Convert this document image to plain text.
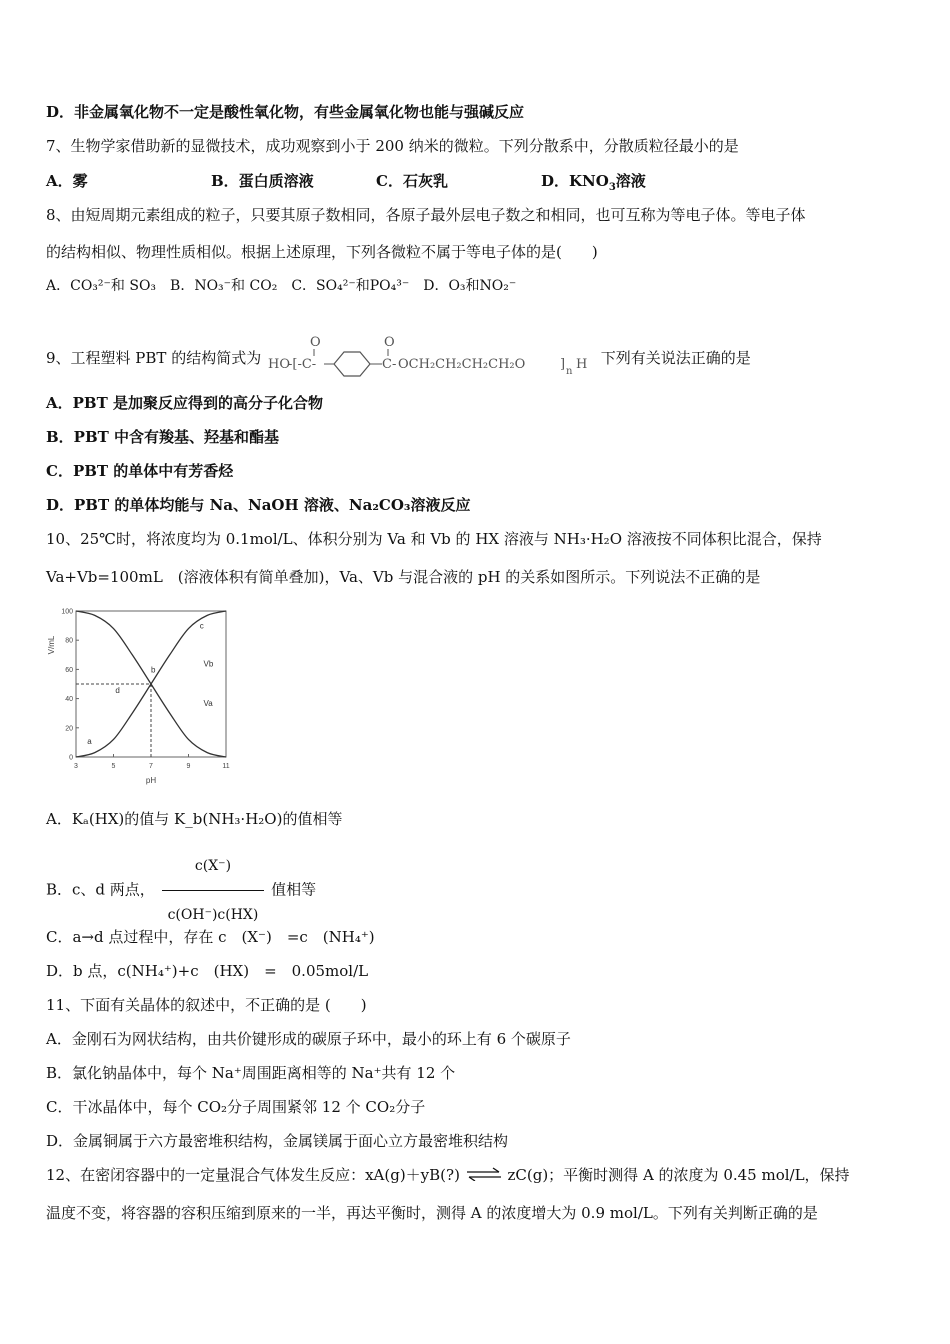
D．非金属氧化物不一定是酸性氧化物，有些金属氧化物也能与强碱反应
7、生物学家借助新的显微技术，成功观察到小于 200 纳米的微粒。下列分散系中，分散质粒径最小的是
A．雾	B．蛋白质溶液	C．石灰乳	D．$KNO_3$溶液
8、由短周期元素组成的粒子，只要其原子数相同，各原子最外层电子数之和相同，也可互称为等电子体。等电子体
的结构相似、物理性质相似。根据上述原理，下列各微粒不属于等电子体的是(　　)
A．CO₃²⁻和 SO₃　B．NO₃⁻和 CO₂　C．SO₄²⁻和PO₄³⁻　D．O₃和NO₂⁻
9、工程塑料 PBT 的结构简式为 HO
-[-C-
O
C-
O
OCH₂CH₂CH₂CH₂O	] n H 下列有关说法正确的是
A．PBT 是加聚反应得到的高分子化合物
B．PBT 中含有羧基、羟基和酯基
C．PBT 的单体中有芳香烃
D．PBT 的单体均能与 Na、NaOH 溶液、Na₂CO₃溶液反应
10、25℃时，将浓度均为 0.1mol/L、体积分别为 Va 和 Vb 的 HX 溶液与 NH₃·H₂O 溶液按不同体积比混合，保持
Va+Vb=100mL　(溶液体积有简单叠加)，Va、Vb 与混合液的 pH 的关系如图所示。下列说法不正确的是
3	5	7	9	11
0
20
40
60
80
100
pH
V/mL
a
b
c
d
Vb
Va
A．Kₐ(HX)的值与 K_b(NH₃·H₂O)的值相等
B．c、d 两点， $\frac{c(X^-)}{c(OH^-)c(HX)}$ 值相等
C．a→d 点过程中，存在 c　(X⁻)　=c　(NH₄⁺)
D．b 点，c(NH₄⁺)+c　(HX)　=　0.05mol/L
11、下面有关晶体的叙述中，不正确的是 (　　)
A．金刚石为网状结构，由共价键形成的碳原子环中，最小的环上有 6 个碳原子
B．氯化钠晶体中，每个 Na⁺周围距离相等的 Na⁺共有 12 个
C．干冰晶体中，每个 CO₂分子周围紧邻 12 个 CO₂分子
D．金属铜属于六方最密堆积结构，金属镁属于面心立方最密堆积结构
12、在密闭容器中的一定量混合气体发生反应：xA(g)＋yB(?) ⇌ zC(g)；平衡时测得 A 的浓度为 0.45 mol/L，保持
温度不变，将容器的容积压缩到原来的一半，再达平衡时，测得 A 的浓度增大为 0.9 mol/L。下列有关判断正确的是
